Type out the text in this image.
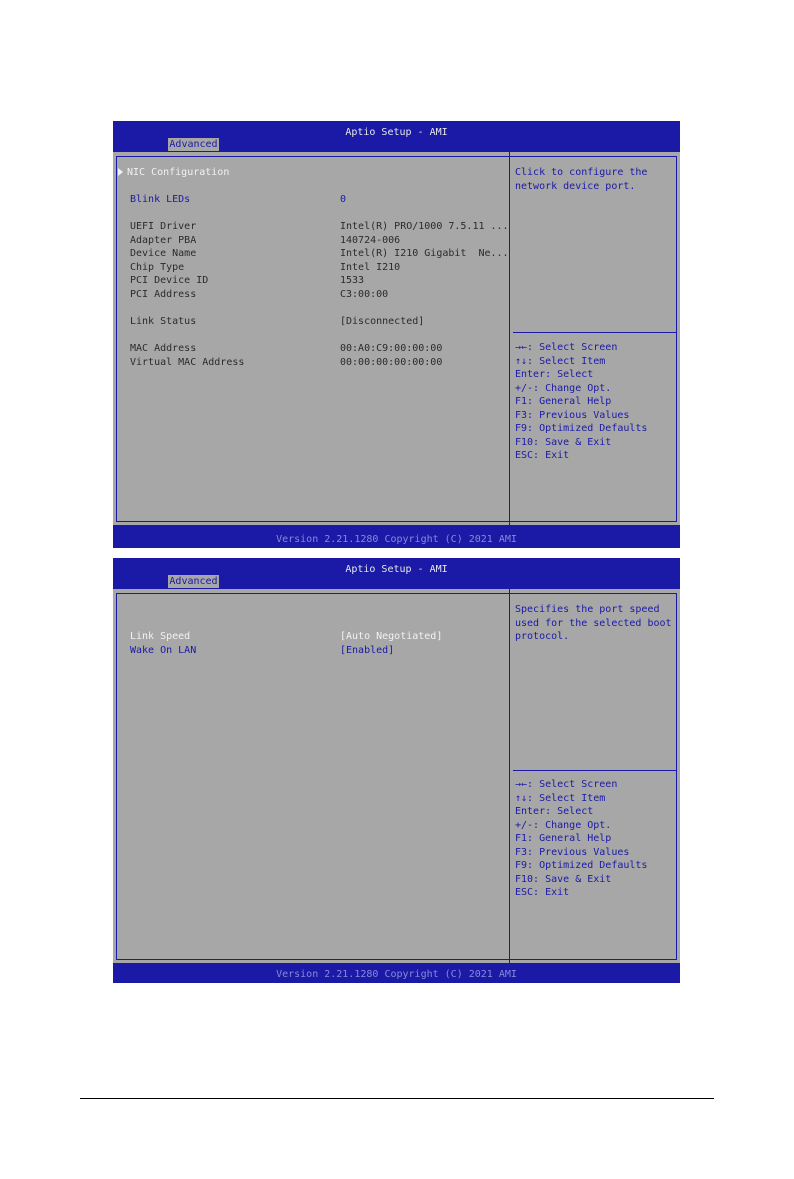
Aptio Setup - AMI
Advanced
NIC Configuration
Blink LEDs	0
UEFI Driver	Intel(R) PRO/1000 7.5.11 ...
Adapter PBA	140724-006
Device Name	Intel(R) I210 Gigabit  Ne...
Chip Type	Intel I210
PCI Device ID	1533
PCI Address	C3:00:00
Link Status	[Disconnected]
MAC Address	00:A0:C9:00:00:00
Virtual MAC Address	00:00:00:00:00:00
Click to configure the network device port.
→←: Select Screen
↑↓: Select Item
Enter: Select
+/-: Change Opt.
F1: General Help
F3: Previous Values
F9: Optimized Defaults
F10: Save & Exit
ESC: Exit
Version 2.21.1280 Copyright (C) 2021 AMI
Aptio Setup - AMI
Advanced
Link Speed	[Auto Negotiated]
Wake On LAN	[Enabled]
Specifies the port speed used for the selected boot protocol.
→←: Select Screen
↑↓: Select Item
Enter: Select
+/-: Change Opt.
F1: General Help
F3: Previous Values
F9: Optimized Defaults
F10: Save & Exit
ESC: Exit
Version 2.21.1280 Copyright (C) 2021 AMI
